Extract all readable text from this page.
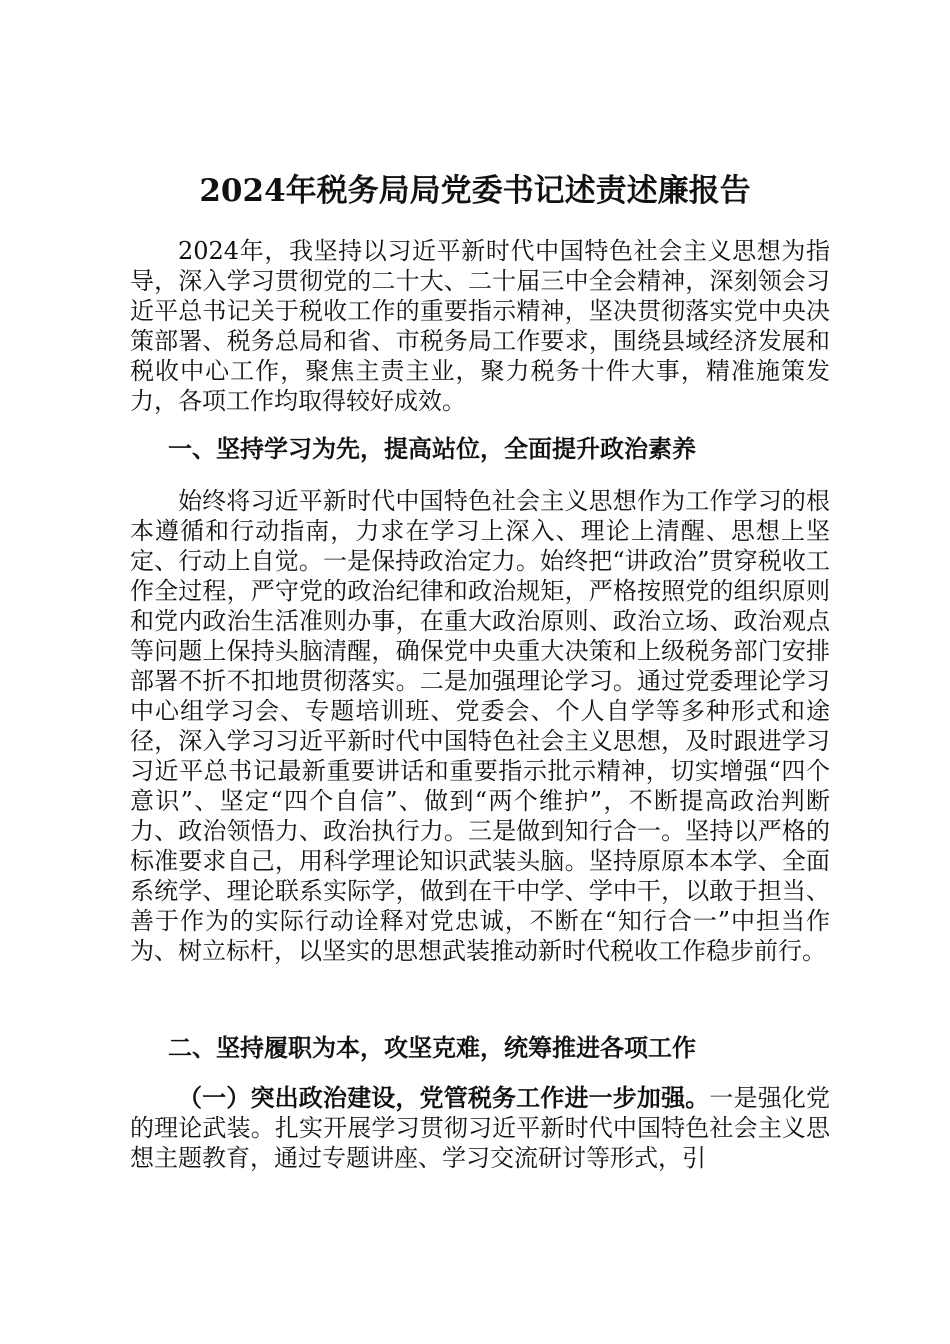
2024年税务局局党委书记述责述廉报告

2024年，我坚持以习近平新时代中国特色社会主义思想为指导，深入学习贯彻党的二十大、二十届三中全会精神，深刻领会习近平总书记关于税收工作的重要指示精神，坚决贯彻落实党中央决策部署、税务总局和省、市税务局工作要求，围绕县域经济发展和税收中心工作，聚焦主责主业，聚力税务十件大事，精准施策发力，各项工作均取得较好成效。

一、坚持学习为先，提高站位，全面提升政治素养

始终将习近平新时代中国特色社会主义思想作为工作学习的根本遵循和行动指南，力求在学习上深入、理论上清醒、思想上坚定、行动上自觉。一是保持政治定力。始终把“讲政治”贯穿税收工作全过程，严守党的政治纪律和政治规矩，严格按照党的组织原则和党内政治生活准则办事，在重大政治原则、政治立场、政治观点等问题上保持头脑清醒，确保党中央重大决策和上级税务部门安排部署不折不扣地贯彻落实。二是加强理论学习。通过党委理论学习中心组学习会、专题培训班、党委会、个人自学等多种形式和途径，深入学习习近平新时代中国特色社会主义思想，及时跟进学习习近平总书记最新重要讲话和重要指示批示精神，切实增强“四个意识”、坚定“四个自信”、做到“两个维护”，不断提高政治判断力、政治领悟力、政治执行力。三是做到知行合一。坚持以严格的标准要求自己，用科学理论知识武装头脑。坚持原原本本学、全面系统学、理论联系实际学，做到在干中学、学中干，以敢于担当、善于作为的实际行动诠释对党忠诚，不断在“知行合一”中担当作为、树立标杆，以坚实的思想武装推动新时代税收工作稳步前行。

二、坚持履职为本，攻坚克难，统筹推进各项工作

（一）突出政治建设，党管税务工作进一步加强。一是强化党的理论武装。扎实开展学习贯彻习近平新时代中国特色社会主义思想主题教育，通过专题讲座、学习交流研讨等形式，引
